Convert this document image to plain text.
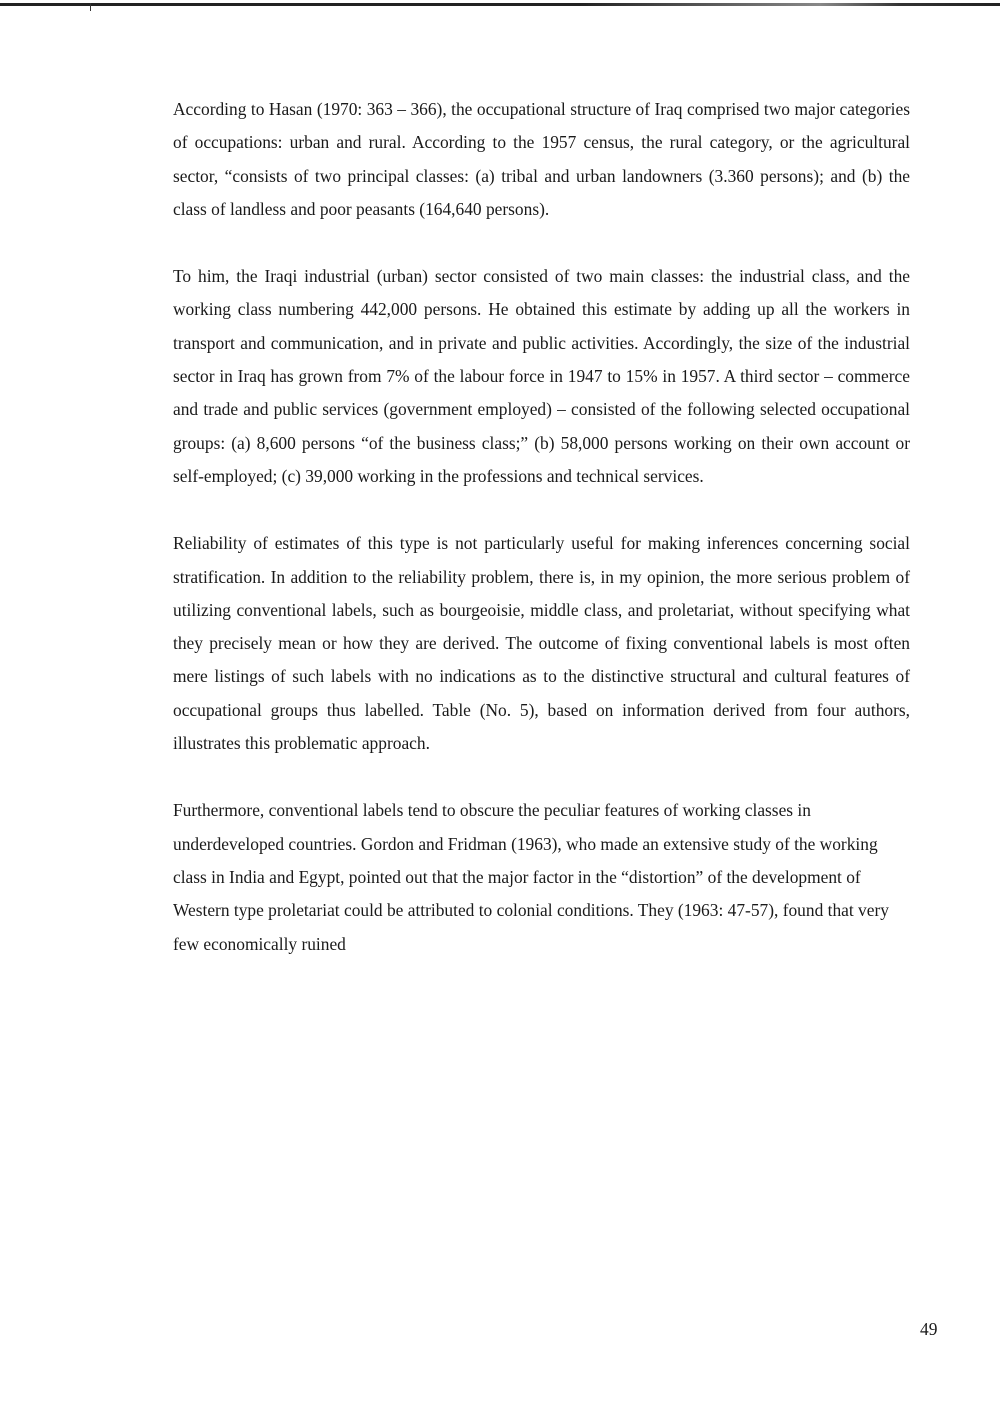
According to Hasan (1970: 363 – 366), the occupational structure of Iraq comprised two major categories of occupations: urban and rural. According to the 1957 census, the rural category, or the agricultural sector, “consists of two principal classes: (a) tribal and urban landowners (3.360 persons); and (b) the class of landless and poor peasants (164,640 persons).

To him, the Iraqi industrial (urban) sector consisted of two main classes: the industrial class, and the working class numbering 442,000 persons. He obtained this estimate by adding up all the workers in transport and communication, and in private and public activities. Accordingly, the size of the industrial sector in Iraq has grown from 7% of the labour force in 1947 to 15% in 1957. A third sector – commerce and trade and public services (government employed) – consisted of the following selected occupational groups: (a) 8,600 persons “of the business class;” (b) 58,000 persons working on their own account or self-employed; (c) 39,000 working in the professions and technical services.

Reliability of estimates of this type is not particularly useful for making inferences concerning social stratification. In addition to the reliability problem, there is, in my opinion, the more serious problem of utilizing conventional labels, such as bourgeoisie, middle class, and proletariat, without specifying what they precisely mean or how they are derived. The outcome of fixing conventional labels is most often mere listings of such labels with no indications as to the distinctive structural and cultural features of occupational groups thus labelled. Table (No. 5), based on information derived from four authors, illustrates this problematic approach.

Furthermore, conventional labels tend to obscure the peculiar features of working classes in underdeveloped countries. Gordon and Fridman (1963), who made an extensive study of the working class in India and Egypt, pointed out that the major factor in the “distortion” of the development of Western type proletariat could be attributed to colonial conditions. They (1963: 47-57), found that very few economically ruined

49
